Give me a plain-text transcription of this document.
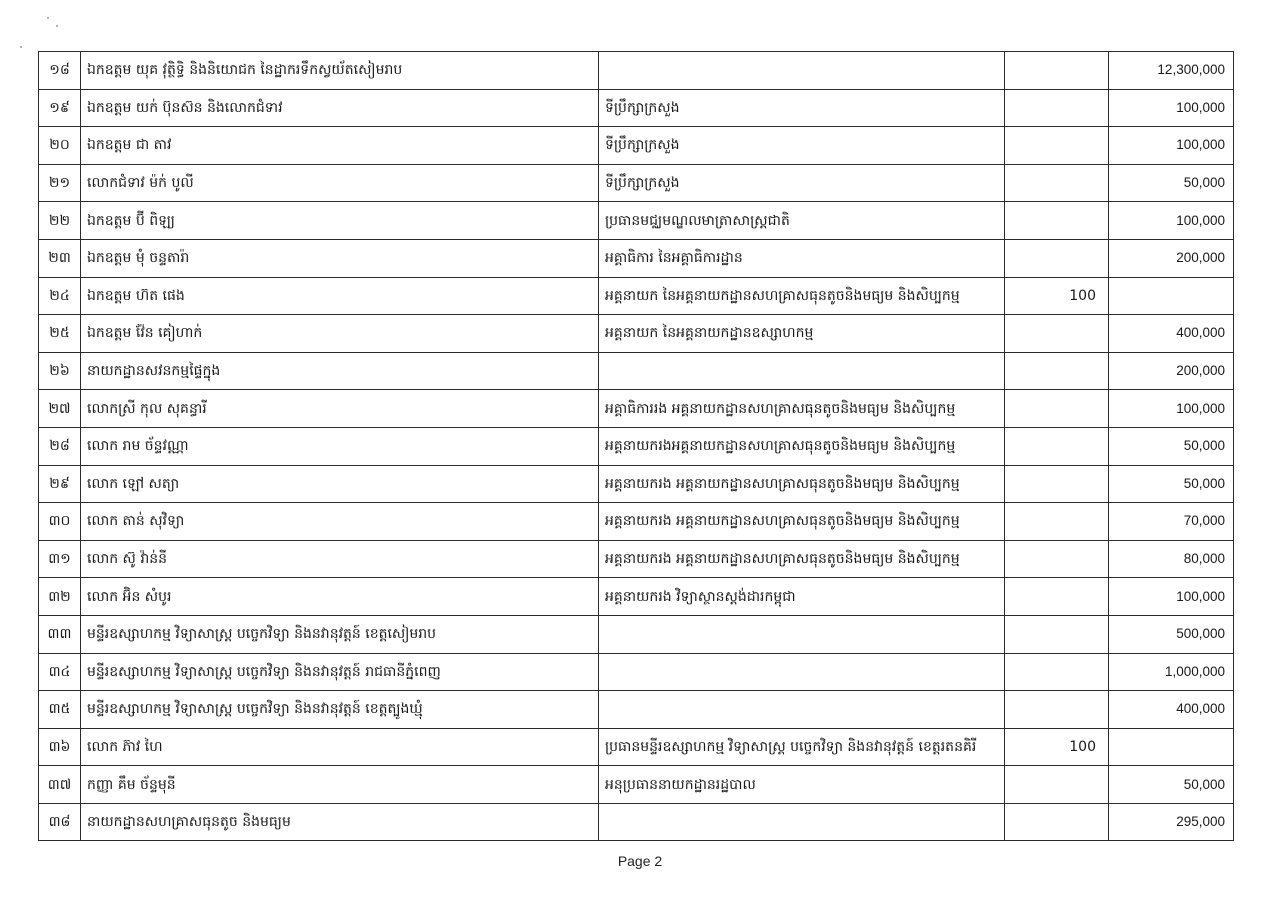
១៨	ឯកឧត្តម យុគ វុត្ថិទ្ធិ និងនិយោជក នៃដ្ឋាករទឹកស្វយ័តសៀមរាប			12,300,000
១៩	ឯកឧត្តម យក់ ប៊ុនស៊ន និងលោកជំទាវ	ទីប្រឹក្សាក្រសួង		100,000
២០	ឯកឧត្តម ជា តាវ	ទីប្រឹក្សាក្រសួង		100,000
២១	លោកជំទាវ ម៉ក់ បូលី	ទីប្រឹក្សាក្រសួង		50,000
២២	ឯកឧត្តម ប៊ី ពិឡ្យ	ប្រធានមជ្ឈមណ្ឌលមាត្រាសាស្ត្រជាតិ		100,000
២៣	ឯកឧត្តម មុំ ចន្ទតារ៉ា	អគ្គាធិការ នៃអគ្គាធិការដ្ឋាន		200,000
២៤	ឯកឧត្តម ហ៊ត ផេង	អគ្គនាយក នៃអគ្គនាយកដ្ឋានសហគ្រាសធុនតូចនិងមធ្យម និងសិប្បកម្ម	100	
២៥	ឯកឧត្តម វ៉ែន គៀហាក់	អគ្គនាយក នៃអគ្គនាយកដ្ឋានឧស្សាហកម្ម		400,000
២៦	នាយកដ្ឋានសវនកម្មផ្ទៃក្នុង			200,000
២៧	លោកស្រី កុល សុគន្ធារី	អគ្គាធិការរង អគ្គនាយកដ្ឋានសហគ្រាសធុនតូចនិងមធ្យម និងសិប្បកម្ម		100,000
២៨	លោក រាម ច័ន្ទវណ្ណា	អគ្គនាយករងអគ្គនាយកដ្ឋានសហគ្រាសធុនតូចនិងមធ្យម និងសិប្បកម្ម		50,000
២៩	លោក ឡៅ សត្យា	អគ្គនាយករង អគ្គនាយកដ្ឋានសហគ្រាសធុនតូចនិងមធ្យម និងសិប្បកម្ម		50,000
៣០	លោក តាន់ សុវិទ្យា	អគ្គនាយករង អគ្គនាយកដ្ឋានសហគ្រាសធុនតូចនិងមធ្យម និងសិប្បកម្ម		70,000
៣១	លោក ស៊ូ វ៉ាន់នី	អគ្គនាយករង អគ្គនាយកដ្ឋានសហគ្រាសធុនតូចនិងមធ្យម និងសិប្បកម្ម		80,000
៣២	លោក អ៊ិន សំបូរ	អគ្គនាយករង វិទ្យាស្ថានស្តង់ដារកម្ពុជា		100,000
៣៣	មន្ទីរឧស្សាហកម្ម វិទ្យាសាស្ត្រ បច្ចេកវិទ្យា និងនវានុវត្តន៍ ខេត្តសៀមរាប			500,000
៣៤	មន្ទីរឧស្សាហកម្ម វិទ្យាសាស្ត្រ បច្ចេកវិទ្យា និងនវានុវត្តន៍ រាជធានីភ្នំពេញ			1,000,000
៣៥	មន្ទីរឧស្សាហកម្ម វិទ្យាសាស្ត្រ បច្ចេកវិទ្យា និងនវានុវត្តន៍ ខេត្តត្បូងឃ្មុំ			400,000
៣៦	លោក ភ៊ាវ ហៃ	ប្រធានមន្ទីរឧស្សាហកម្ម វិទ្យាសាស្ត្រ បច្ចេកវិទ្យា និងនវានុវត្តន៍ ខេត្តរតនគិរី	100	
៣៧	កញ្ញា គឹម ច័ន្ទមុនី	អនុប្រធាននាយកដ្ឋានរដ្ឋបាល		50,000
៣៨	នាយកដ្ឋានសហគ្រាសធុនតូច និងមធ្យម			295,000
Page 2
